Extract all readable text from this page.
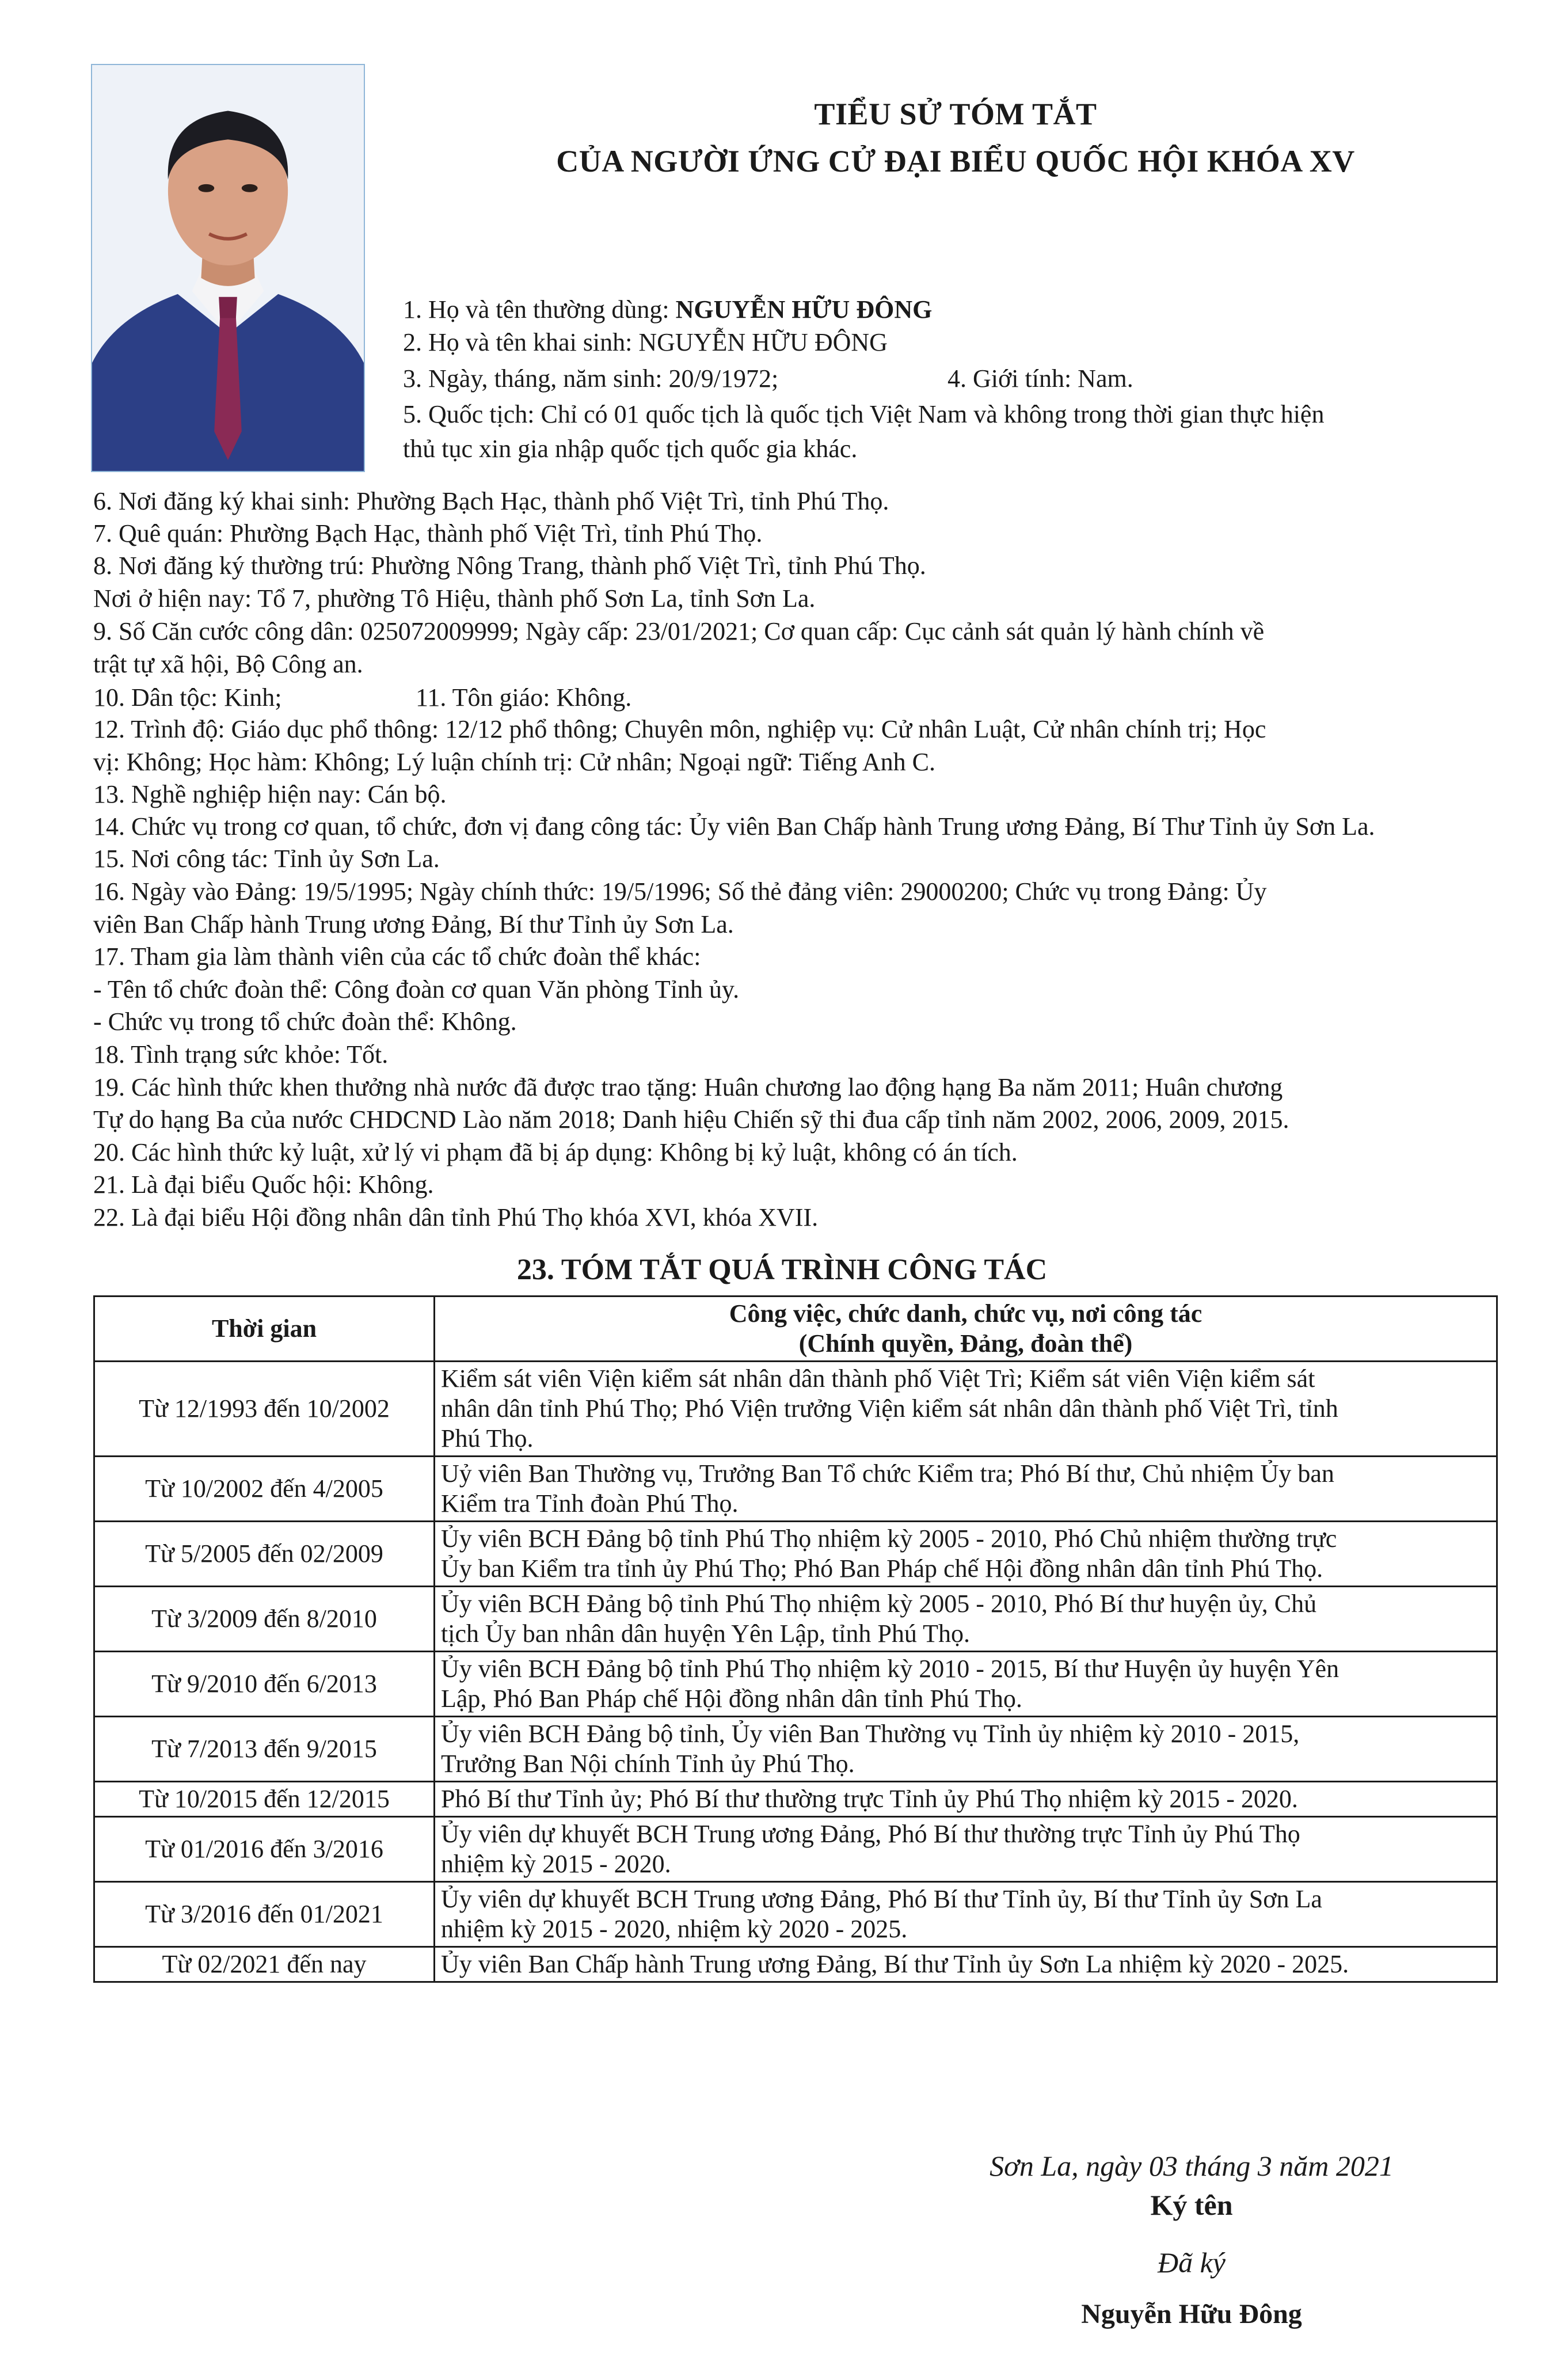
TIỂU SỬ TÓM TẮT
CỦA NGƯỜI ỨNG CỬ ĐẠI BIỂU QUỐC HỘI KHÓA XV
1. Họ và tên thường dùng: NGUYỄN HỮU ĐÔNG
2. Họ và tên khai sinh: NGUYỄN HỮU ĐÔNG
3. Ngày, tháng, năm sinh: 20/9/1972;	4. Giới tính: Nam.
5. Quốc tịch: Chỉ có 01 quốc tịch là quốc tịch Việt Nam và không trong thời gian thực hiện
thủ tục xin gia nhập quốc tịch quốc gia khác.
6. Nơi đăng ký khai sinh: Phường Bạch Hạc, thành phố Việt Trì, tỉnh Phú Thọ.
7. Quê quán: Phường Bạch Hạc, thành phố Việt Trì, tỉnh Phú Thọ.
8. Nơi đăng ký thường trú: Phường Nông Trang, thành phố Việt Trì, tỉnh Phú Thọ.
Nơi ở hiện nay: Tổ 7, phường Tô Hiệu, thành phố Sơn La, tỉnh Sơn La.
9. Số Căn cước công dân: 025072009999; Ngày cấp: 23/01/2021; Cơ quan cấp: Cục cảnh sát quản lý hành chính về
trật tự xã hội, Bộ Công an.
10. Dân tộc: Kinh;	11. Tôn giáo: Không.
12. Trình độ: Giáo dục phổ thông: 12/12 phổ thông; Chuyên môn, nghiệp vụ: Cử nhân Luật, Cử nhân chính trị; Học
vị: Không; Học hàm: Không; Lý luận chính trị: Cử nhân; Ngoại ngữ: Tiếng Anh C.
13. Nghề nghiệp hiện nay: Cán bộ.
14. Chức vụ trong cơ quan, tổ chức, đơn vị đang công tác: Ủy viên Ban Chấp hành Trung ương Đảng, Bí Thư Tỉnh ủy Sơn La.
15. Nơi công tác: Tỉnh ủy Sơn La.
16. Ngày vào Đảng: 19/5/1995; Ngày chính thức: 19/5/1996; Số thẻ đảng viên: 29000200; Chức vụ trong Đảng: Ủy
viên Ban Chấp hành Trung ương Đảng, Bí thư Tỉnh ủy Sơn La.
17. Tham gia làm thành viên của các tổ chức đoàn thể khác:
- Tên tổ chức đoàn thể: Công đoàn cơ quan Văn phòng Tỉnh ủy.
- Chức vụ trong tổ chức đoàn thể: Không.
18. Tình trạng sức khỏe: Tốt.
19. Các hình thức khen thưởng nhà nước đã được trao tặng: Huân chương lao động hạng Ba năm 2011; Huân chương
Tự do hạng Ba của nước CHDCND Lào năm 2018; Danh hiệu Chiến sỹ thi đua cấp tỉnh năm 2002, 2006, 2009, 2015.
20. Các hình thức kỷ luật, xử lý vi phạm đã bị áp dụng: Không bị kỷ luật, không có án tích.
21. Là đại biểu Quốc hội: Không.
22. Là đại biểu Hội đồng nhân dân tỉnh Phú Thọ khóa XVI, khóa XVII.
23. TÓM TẮT QUÁ TRÌNH CÔNG TÁC
Thời gian	Công việc, chức danh, chức vụ, nơi công tác
(Chính quyền, Đảng, đoàn thể)

Từ 12/1993 đến 10/2002	Kiểm sát viên Viện kiểm sát nhân dân thành phố Việt Trì; Kiểm sát viên Viện kiểm sát
nhân dân tỉnh Phú Thọ; Phó Viện trưởng Viện kiểm sát nhân dân thành phố Việt Trì, tỉnh
Phú Thọ.

Từ 10/2002 đến 4/2005	Uỷ viên Ban Thường vụ, Trưởng Ban Tổ chức Kiểm tra; Phó Bí thư, Chủ nhiệm Ủy ban
Kiểm tra Tỉnh đoàn Phú Thọ.

Từ 5/2005 đến 02/2009	Ủy viên BCH Đảng bộ tỉnh Phú Thọ nhiệm kỳ 2005 - 2010, Phó Chủ nhiệm thường trực
Ủy ban Kiểm tra tỉnh ủy Phú Thọ; Phó Ban Pháp chế Hội đồng nhân dân tỉnh Phú Thọ.

Từ 3/2009 đến 8/2010	Ủy viên BCH Đảng bộ tỉnh Phú Thọ nhiệm kỳ 2005 - 2010, Phó Bí thư huyện ủy, Chủ
tịch Ủy ban nhân dân huyện Yên Lập, tỉnh Phú Thọ.

Từ 9/2010 đến 6/2013	Ủy viên BCH Đảng bộ tỉnh Phú Thọ nhiệm kỳ 2010 - 2015, Bí thư Huyện ủy huyện Yên
Lập, Phó Ban Pháp chế Hội đồng nhân dân tỉnh Phú Thọ.

Từ 7/2013 đến 9/2015	Ủy viên BCH Đảng bộ tỉnh, Ủy viên Ban Thường vụ Tỉnh ủy nhiệm kỳ 2010 - 2015,
Trưởng Ban Nội chính Tỉnh ủy Phú Thọ.

Từ 10/2015 đến 12/2015	Phó Bí thư Tỉnh ủy; Phó Bí thư thường trực Tỉnh ủy Phú Thọ nhiệm kỳ 2015 - 2020.

Từ 01/2016 đến 3/2016	Ủy viên dự khuyết BCH Trung ương Đảng, Phó Bí thư thường trực Tỉnh ủy Phú Thọ
nhiệm kỳ 2015 - 2020.

Từ 3/2016 đến 01/2021	Ủy viên dự khuyết BCH Trung ương Đảng, Phó Bí thư Tỉnh ủy, Bí thư Tỉnh ủy Sơn La
nhiệm kỳ 2015 - 2020, nhiệm kỳ 2020 - 2025.

Từ 02/2021 đến nay	Ủy viên Ban Chấp hành Trung ương Đảng, Bí thư Tỉnh ủy Sơn La nhiệm kỳ 2020 - 2025.
Sơn La, ngày 03 tháng 3 năm 2021
Ký tên
Đã ký
Nguyễn Hữu Đông
